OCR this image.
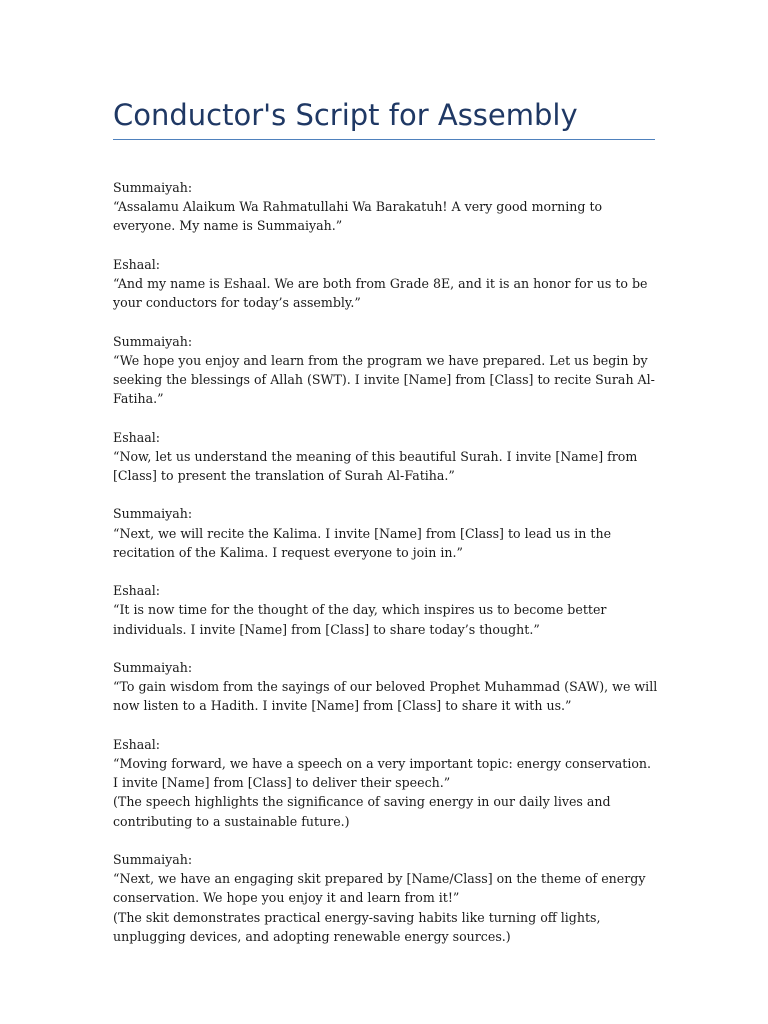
Conductor's Script for Assembly

Summaiyah:

“Assalamu Alaikum Wa Rahmatullahi Wa Barakatuh! A very good morning to everyone. My name is Summaiyah.”

Eshaal:

“And my name is Eshaal. We are both from Grade 8E, and it is an honor for us to be your conductors for today’s assembly.”

Summaiyah:

“We hope you enjoy and learn from the program we have prepared. Let us begin by seeking the blessings of Allah (SWT). I invite [Name] from [Class] to recite Surah Al-Fatiha.”

Eshaal:

“Now, let us understand the meaning of this beautiful Surah. I invite [Name] from [Class] to present the translation of Surah Al-Fatiha.”

Summaiyah:

“Next, we will recite the Kalima. I invite [Name] from [Class] to lead us in the recitation of the Kalima. I request everyone to join in.”

Eshaal:

“It is now time for the thought of the day, which inspires us to become better individuals. I invite [Name] from [Class] to share today’s thought.”

Summaiyah:

“To gain wisdom from the sayings of our beloved Prophet Muhammad (SAW), we will now listen to a Hadith. I invite [Name] from [Class] to share it with us.”

Eshaal:

“Moving forward, we have a speech on a very important topic: energy conservation. I invite [Name] from [Class] to deliver their speech.”

(The speech highlights the significance of saving energy in our daily lives and contributing to a sustainable future.)

Summaiyah:

“Next, we have an engaging skit prepared by [Name/Class] on the theme of energy conservation. We hope you enjoy it and learn from it!”

(The skit demonstrates practical energy-saving habits like turning off lights, unplugging devices, and adopting renewable energy sources.)
